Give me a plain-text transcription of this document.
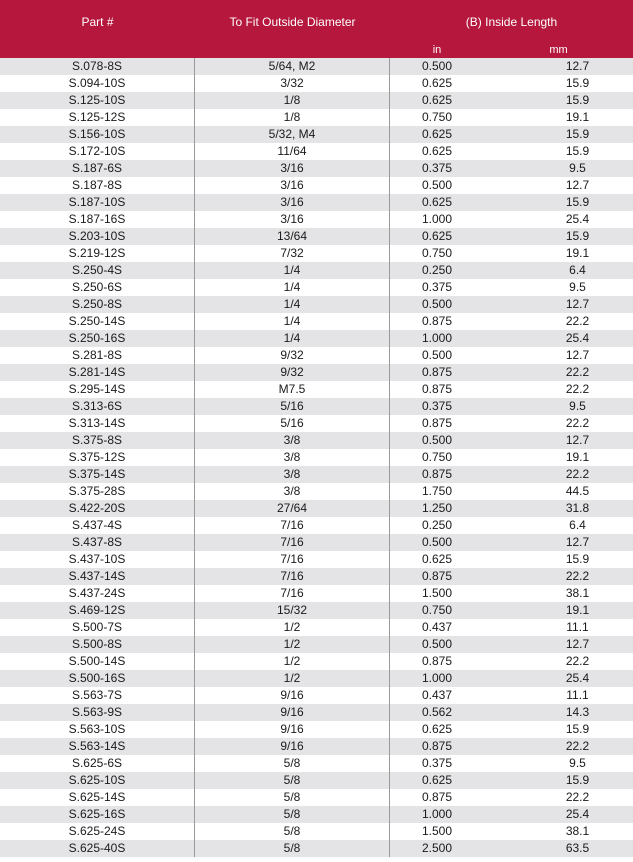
Part #	To Fit Outside Diameter	(B) Inside Length
in	mm
S.078-8S	5/64, M2	0.500	12.7
S.094-10S	3/32	0.625	15.9
S.125-10S	1/8	0.625	15.9
S.125-12S	1/8	0.750	19.1
S.156-10S	5/32, M4	0.625	15.9
S.172-10S	11/64	0.625	15.9
S.187-6S	3/16	0.375	9.5
S.187-8S	3/16	0.500	12.7
S.187-10S	3/16	0.625	15.9
S.187-16S	3/16	1.000	25.4
S.203-10S	13/64	0.625	15.9
S.219-12S	7/32	0.750	19.1
S.250-4S	1/4	0.250	6.4
S.250-6S	1/4	0.375	9.5
S.250-8S	1/4	0.500	12.7
S.250-14S	1/4	0.875	22.2
S.250-16S	1/4	1.000	25.4
S.281-8S	9/32	0.500	12.7
S.281-14S	9/32	0.875	22.2
S.295-14S	M7.5	0.875	22.2
S.313-6S	5/16	0.375	9.5
S.313-14S	5/16	0.875	22.2
S.375-8S	3/8	0.500	12.7
S.375-12S	3/8	0.750	19.1
S.375-14S	3/8	0.875	22.2
S.375-28S	3/8	1.750	44.5
S.422-20S	27/64	1.250	31.8
S.437-4S	7/16	0.250	6.4
S.437-8S	7/16	0.500	12.7
S.437-10S	7/16	0.625	15.9
S.437-14S	7/16	0.875	22.2
S.437-24S	7/16	1.500	38.1
S.469-12S	15/32	0.750	19.1
S.500-7S	1/2	0.437	11.1
S.500-8S	1/2	0.500	12.7
S.500-14S	1/2	0.875	22.2
S.500-16S	1/2	1.000	25.4
S.563-7S	9/16	0.437	11.1
S.563-9S	9/16	0.562	14.3
S.563-10S	9/16	0.625	15.9
S.563-14S	9/16	0.875	22.2
S.625-6S	5/8	0.375	9.5
S.625-10S	5/8	0.625	15.9
S.625-14S	5/8	0.875	22.2
S.625-16S	5/8	1.000	25.4
S.625-24S	5/8	1.500	38.1
S.625-40S	5/8	2.500	63.5
